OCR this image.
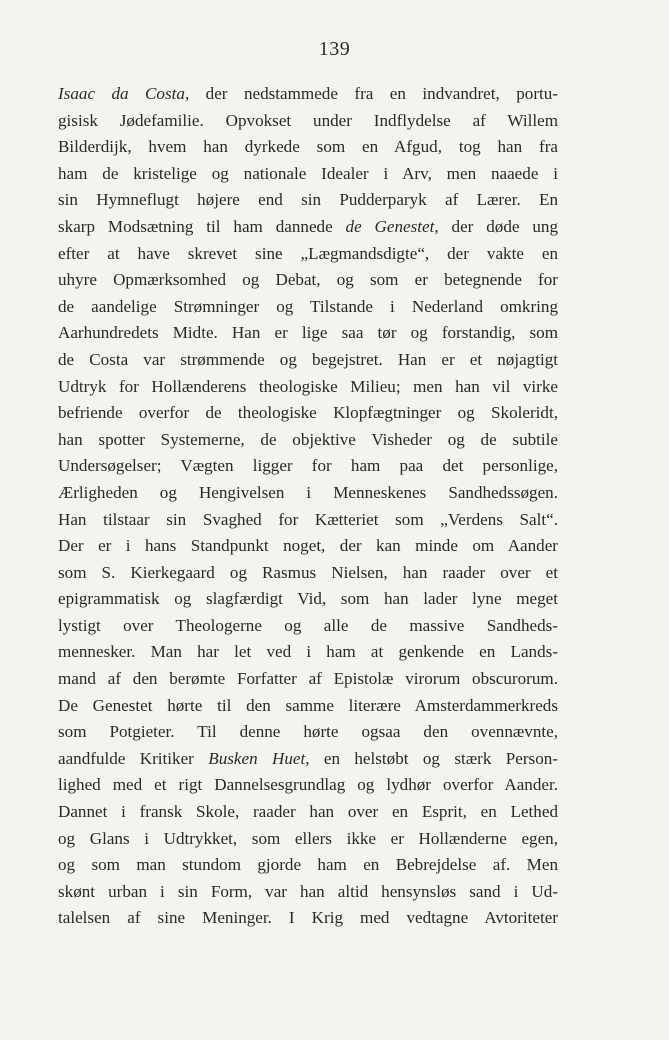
139
Isaac da Costa, der nedstammede fra en indvandret, portu-
gisisk Jødefamilie. Opvokset under Indflydelse af Willem
Bilderdijk, hvem han dyrkede som en Afgud, tog han fra
ham de kristelige og nationale Idealer i Arv, men naaede i
sin Hymneflugt højere end sin Pudderparyk af Lærer. En
skarp Modsætning til ham dannede de Genestet, der døde ung
efter at have skrevet sine „Lægmandsdigte“, der vakte en
uhyre Opmærksomhed og Debat, og som er betegnende for
de aandelige Strømninger og Tilstande i Nederland omkring
Aarhundredets Midte. Han er lige saa tør og forstandig, som
de Costa var strømmende og begejstret. Han er et nøjagtigt
Udtryk for Hollænderens theologiske Milieu; men han vil virke
befriende overfor de theologiske Klopfægtninger og Skoleridt,
han spotter Systemerne, de objektive Visheder og de subtile
Undersøgelser; Vægten ligger for ham paa det personlige,
Ærligheden og Hengivelsen i Menneskenes Sandhedssøgen.
Han tilstaar sin Svaghed for Kætteriet som „Verdens Salt“.
Der er i hans Standpunkt noget, der kan minde om Aander
som S. Kierkegaard og Rasmus Nielsen, han raader over et
epigrammatisk og slagfærdigt Vid, som han lader lyne meget
lystigt over Theologerne og alle de massive Sandheds-
mennesker. Man har let ved i ham at genkende en Lands-
mand af den berømte Forfatter af Epistolæ virorum obscurorum.
De Genestet hørte til den samme literære Amsterdammerkreds
som Potgieter. Til denne hørte ogsaa den ovennævnte,
aandfulde Kritiker Busken Huet, en helstøbt og stærk Person-
lighed med et rigt Dannelsesgrundlag og lydhør overfor Aander.
Dannet i fransk Skole, raader han over en Esprit, en Lethed
og Glans i Udtrykket, som ellers ikke er Hollænderne egen,
og som man stundom gjorde ham en Bebrejdelse af. Men
skønt urban i sin Form, var han altid hensynsløs sand i Ud-
talelsen af sine Meninger. I Krig med vedtagne Avtoriteter
